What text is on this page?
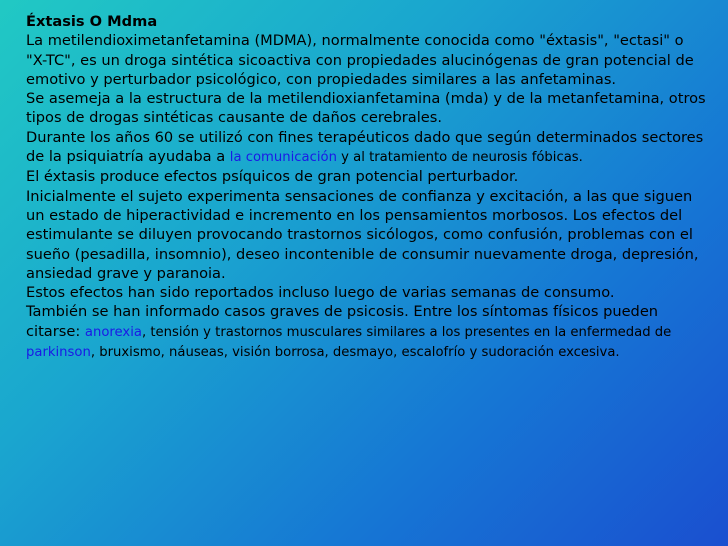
Éxtasis O Mdma
La metilendioximetanfetamina (MDMA), normalmente conocida como "éxtasis", "ectasi" o "X-TC", es un droga sintética sicoactiva con propiedades alucinógenas de gran potencial de emotivo y perturbador psicológico, con propiedades similares a las anfetaminas.
Se asemeja a la estructura de la metilendioxianfetamina (mda) y de la metanfetamina, otros tipos de drogas sintéticas causante de daños cerebrales.
Durante los años 60 se utilizó con fines terapéuticos dado que según determinados sectores de la psiquiatría ayudaba a la comunicación y al tratamiento de neurosis fóbicas.
El éxtasis produce efectos psíquicos de gran potencial perturbador.
Inicialmente el sujeto experimenta sensaciones de confianza y excitación, a las que siguen un estado de hiperactividad e incremento en los pensamientos morbosos. Los efectos del estimulante se diluyen provocando trastornos sicólogos, como confusión, problemas con el sueño (pesadilla, insomnio), deseo incontenible de consumir nuevamente droga, depresión, ansiedad grave y paranoia.
Estos efectos han sido reportados incluso luego de varias semanas de consumo.
También se han informado casos graves de psicosis. Entre los síntomas físicos pueden citarse: anorexia, tensión y trastornos musculares similares a los presentes en la enfermedad de parkinson, bruxismo, náuseas, visión borrosa, desmayo, escalofrío y sudoración excesiva.
